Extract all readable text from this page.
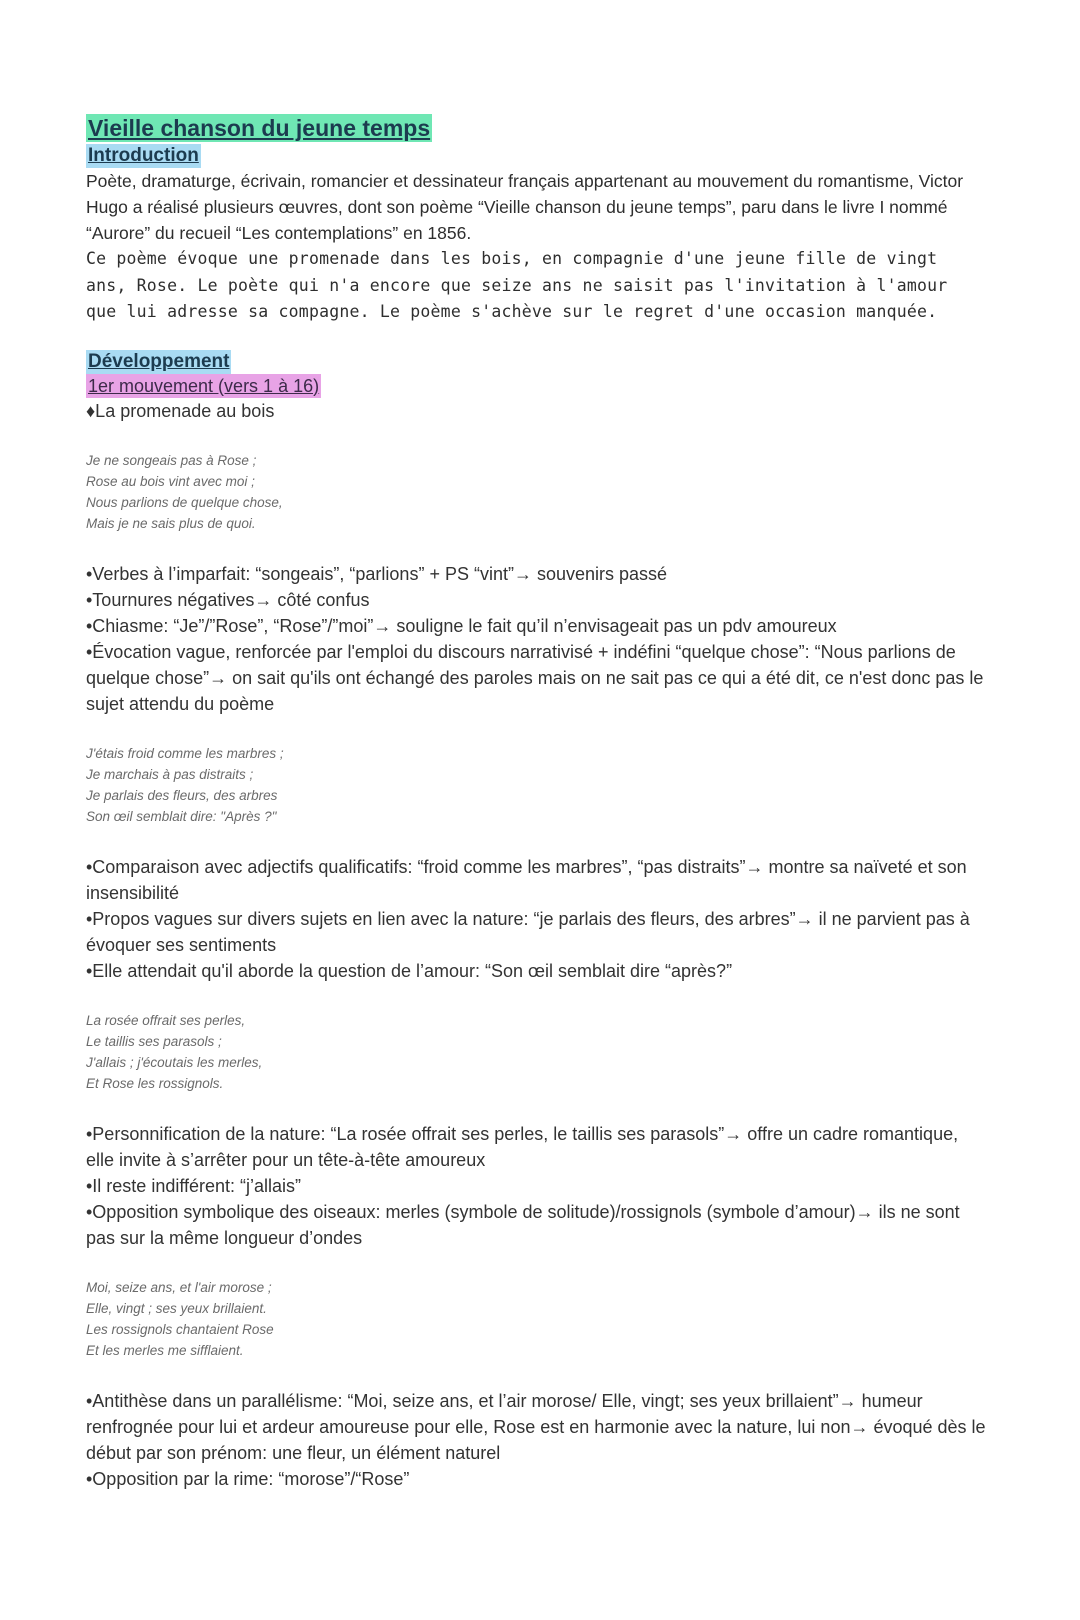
Vieille chanson du jeune temps
Introduction

Poète, dramaturge, écrivain, romancier et dessinateur français appartenant au mouvement du romantisme, Victor Hugo a réalisé plusieurs œuvres, dont son poème “Vieille chanson du jeune temps”, paru dans le livre I nommé “Aurore” du recueil “Les contemplations” en 1856.

Ce poème évoque une promenade dans les bois, en compagnie d'une jeune fille de vingt ans, Rose. Le poète qui n'a encore que seize ans ne saisit pas l'invitation à l'amour que lui adresse sa compagne. Le poème s'achève sur le regret d'une occasion manquée.

Développement
1er mouvement (vers 1 à 16)

♦La promenade au bois

Je ne songeais pas à Rose ;
Rose au bois vint avec moi ;
Nous parlions de quelque chose,
Mais je ne sais plus de quoi.

•Verbes à l’imparfait: “songeais”, “parlions” + PS “vint”→ souvenirs passé

•Tournures négatives→ côté confus

•Chiasme: “Je”/”Rose”, “Rose”/”moi”→ souligne le fait qu’il n’envisageait pas un pdv amoureux

•Évocation vague, renforcée par l'emploi du discours narrativisé + indéfini “quelque chose”: “Nous parlions de quelque chose”→ on sait qu'ils ont échangé des paroles mais on ne sait pas ce qui a été dit, ce n'est donc pas le sujet attendu du poème

J'étais froid comme les marbres ;
Je marchais à pas distraits ;
Je parlais des fleurs, des arbres
Son œil semblait dire: "Après ?"

•Comparaison avec adjectifs qualificatifs: “froid comme les marbres”, “pas distraits”→ montre sa naïveté et son insensibilité

•Propos vagues sur divers sujets en lien avec la nature: “je parlais des fleurs, des arbres”→ il ne parvient pas à évoquer ses sentiments

•Elle attendait qu'il aborde la question de l’amour: “Son œil semblait dire “après?”

La rosée offrait ses perles,
Le taillis ses parasols ;
J'allais ; j'écoutais les merles,
Et Rose les rossignols.

•Personnification de la nature: “La rosée offrait ses perles, le taillis ses parasols”→ offre un cadre romantique, elle invite à s’arrêter pour un tête-à-tête amoureux

•Il reste indifférent: “j’allais”

•Opposition symbolique des oiseaux: merles (symbole de solitude)/rossignols (symbole d’amour)→ ils ne sont pas sur la même longueur d’ondes

Moi, seize ans, et l'air morose ;
Elle, vingt ; ses yeux brillaient.
Les rossignols chantaient Rose
Et les merles me sifflaient.

•Antithèse dans un parallélisme: “Moi, seize ans, et l’air morose/ Elle, vingt; ses yeux brillaient”→ humeur renfrognée pour lui et ardeur amoureuse pour elle, Rose est en harmonie avec la nature, lui non→ évoqué dès le début par son prénom: une fleur, un élément naturel

•Opposition par la rime: “morose”/“Rose”
